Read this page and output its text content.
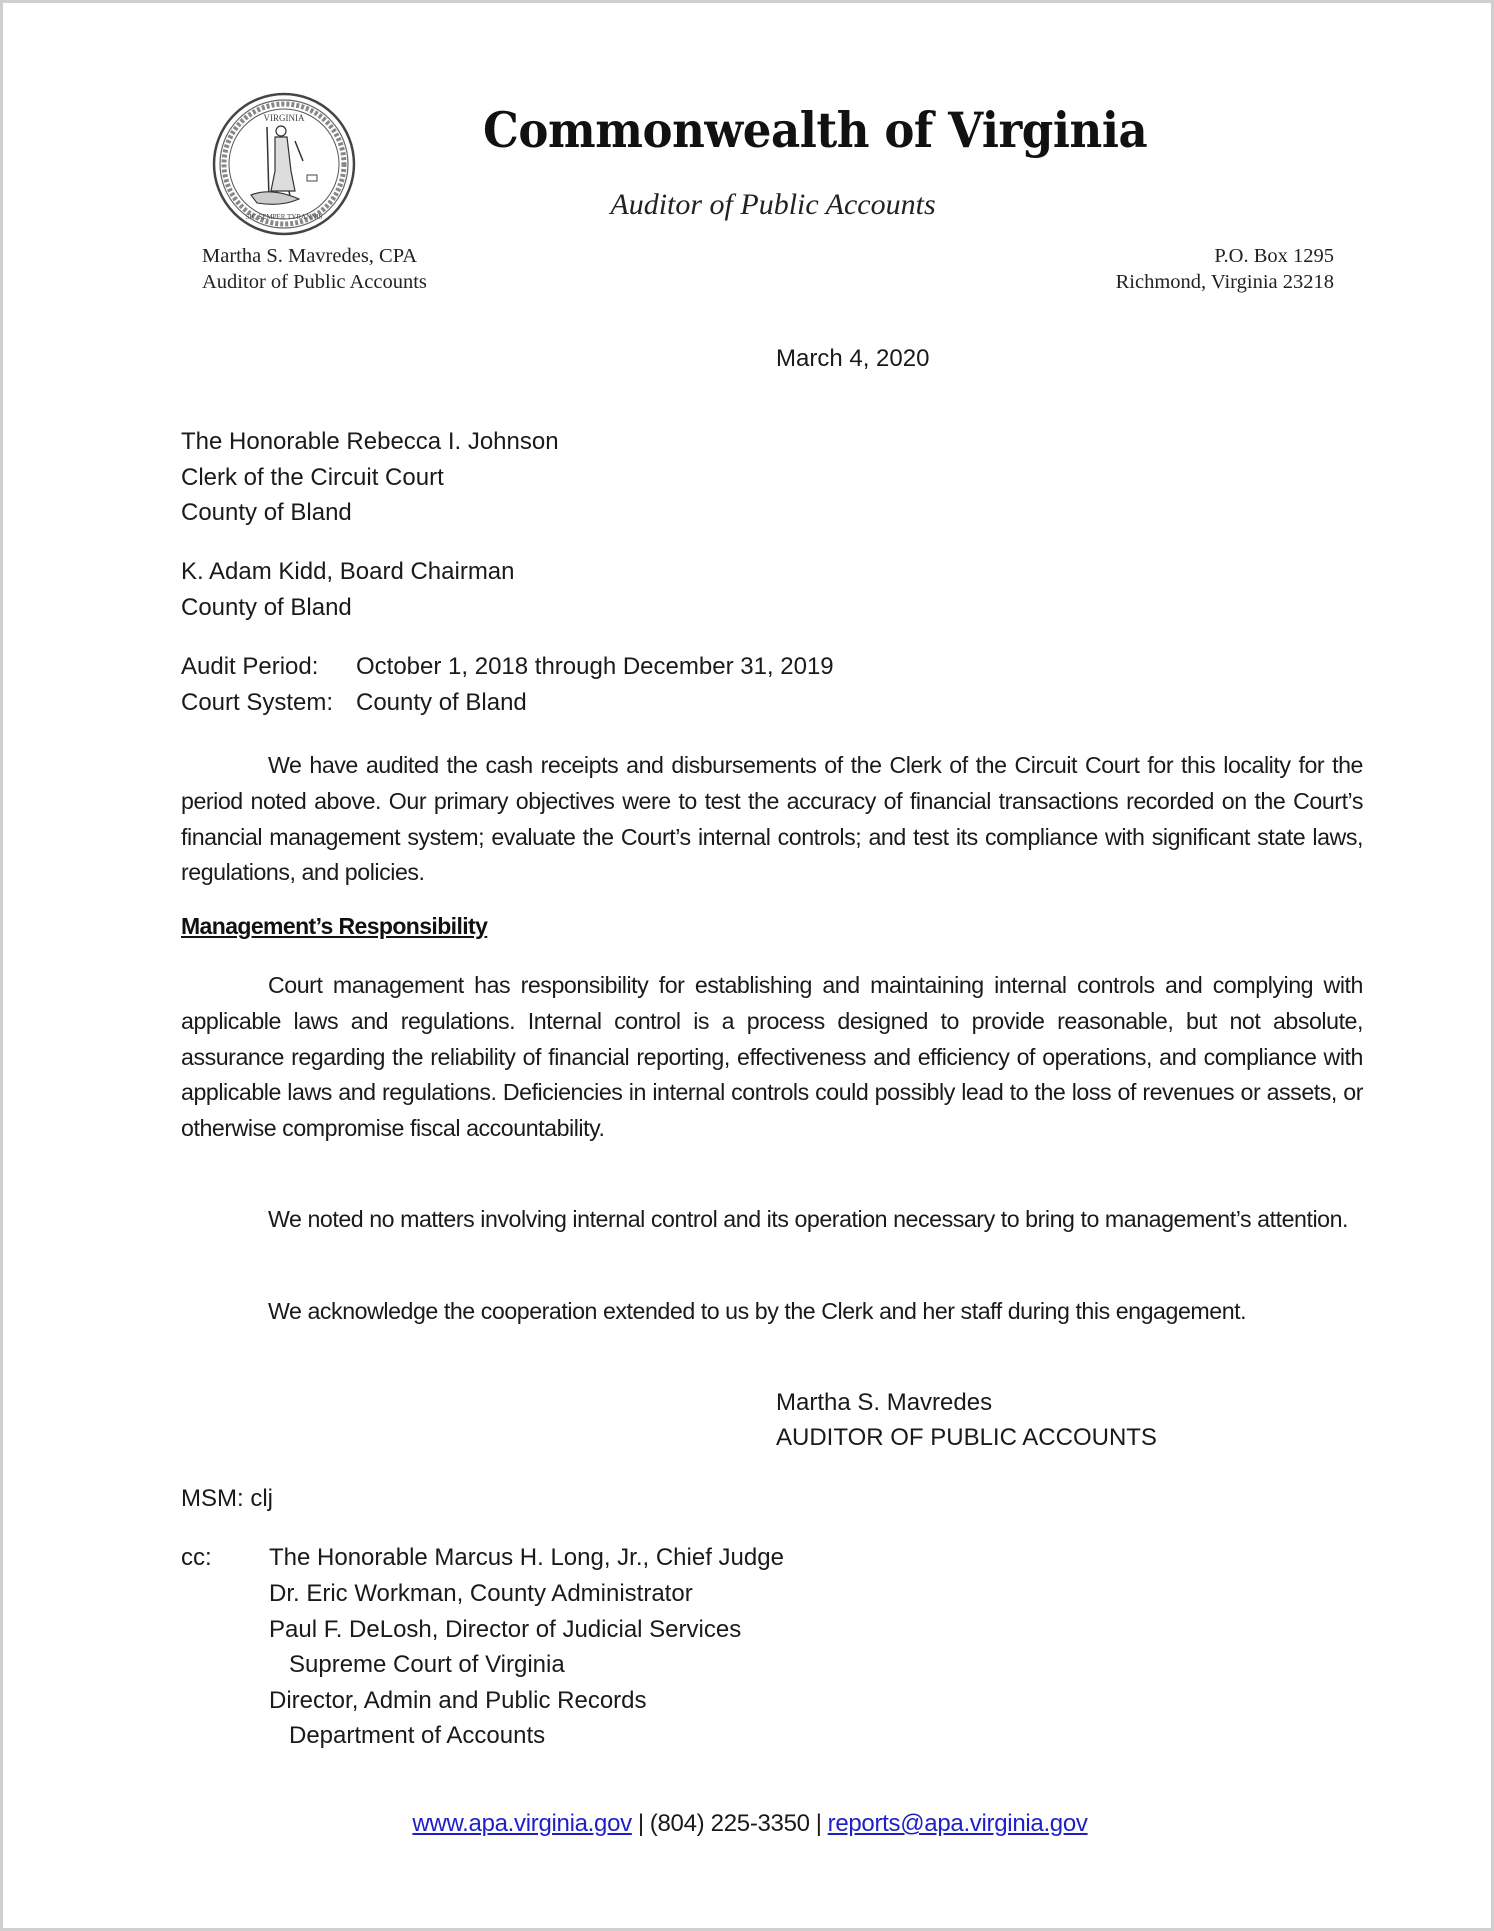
VIRGINIA
SIC SEMPER TYRANNIS
Commonwealth of Virginia
Auditor of Public Accounts
Martha S. Mavredes, CPA
Auditor of Public Accounts
P.O. Box 1295
Richmond, Virginia 23218
March 4, 2020
The Honorable Rebecca I. Johnson
Clerk of the Circuit Court
County of Bland
K. Adam Kidd, Board Chairman
County of Bland
Audit Period: October 1, 2018 through December 31, 2019
Court System: County of Bland
We have audited the cash receipts and disbursements of the Clerk of the Circuit Court for this locality for the period noted above. Our primary objectives were to test the accuracy of financial transactions recorded on the Court’s financial management system; evaluate the Court’s internal controls; and test its compliance with significant state laws, regulations, and policies.
Management’s Responsibility
Court management has responsibility for establishing and maintaining internal controls and complying with applicable laws and regulations. Internal control is a process designed to provide reasonable, but not absolute, assurance regarding the reliability of financial reporting, effectiveness and efficiency of operations, and compliance with applicable laws and regulations. Deficiencies in internal controls could possibly lead to the loss of revenues or assets, or otherwise compromise fiscal accountability.
We noted no matters involving internal control and its operation necessary to bring to management’s attention.
We acknowledge the cooperation extended to us by the Clerk and her staff during this engagement.
Martha S. Mavredes
AUDITOR OF PUBLIC ACCOUNTS
MSM: clj
cc: The Honorable Marcus H. Long, Jr., Chief Judge
Dr. Eric Workman, County Administrator
Paul F. DeLosh, Director of Judicial Services
Supreme Court of Virginia
Director, Admin and Public Records
Department of Accounts
www.apa.virginia.gov | (804) 225-3350 | reports@apa.virginia.gov
